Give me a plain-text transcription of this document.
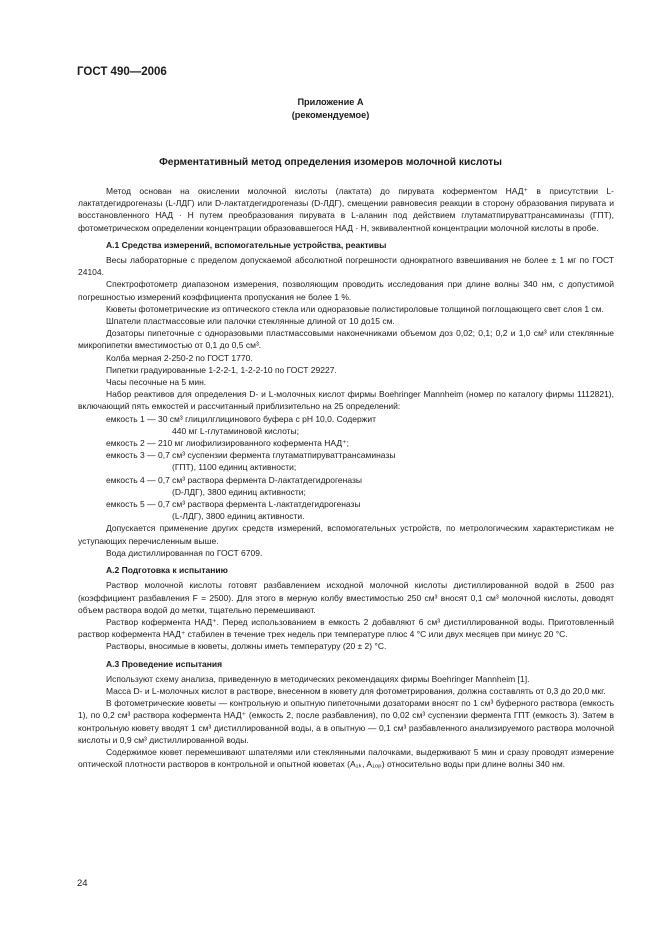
ГОСТ 490—2006
Приложение А
(рекомендуемое)
Ферментативный метод определения изомеров молочной кислоты

Метод основан на окислении молочной кислоты (лактата) до пирувата коферментом НАД⁺ в присутствии L-лактатдегидрогеназы (L-ЛДГ) или D-лактатдегидрогеназы (D-ЛДГ), смещении равновесия реакции в сторону образования пирувата и восстановленного НАД · Н путем преобразования пирувата в L-аланин под действием глутаматпируваттрансаминазы (ГПТ), фотометрическом определении концентрации образовавшегося НАД · Н, эквивалентной концентрации молочной кислоты в пробе.

А.1 Средства измерений, вспомогательные устройства, реактивы

Весы лабораторные с пределом допускаемой абсолютной погрешности однократного взвешивания не более ± 1 мг по ГОСТ 24104.

Спектрофотометр диапазоном измерения, позволяющим проводить исследования при длине волны 340 нм, с допустимой погрешностью измерений коэффициента пропускания не более 1 %.

Кюветы фотометрические из оптического стекла или одноразовые полистироловые толщиной поглощающего свет слоя 1 см.

Шпатели пластмассовые или палочки стеклянные длиной от 10 до15 см.

Дозаторы пипеточные с одноразовыми пластмассовыми наконечниками объемом доз 0,02; 0,1; 0,2 и 1,0 см³ или стеклянные микропипетки вместимостью от 0,1 до 0,5 см³.

Колба мерная 2-250-2 по ГОСТ 1770.

Пипетки градуированные 1-2-2-1, 1-2-2-10 по ГОСТ 29227.

Часы песочные на 5 мин.

Набор реактивов для определения D- и L-молочных кислот фирмы Boehringer Mannheim (номер по каталогу фирмы 1112821), включающий пять емкостей и рассчитанный приблизительно на 25 определений:

емкость 1 — 30 см³ глицилглицинового буфера с рН 10,0. Содержит

440 мг L-глутаминовой кислоты;

емкость 2 — 210 мг лиофилизированного кофермента НАД⁺;

емкость 3 — 0,7 см³ суспензии фермента глутаматпируваттрансаминазы

(ГПТ), 1100 единиц активности;

емкость 4 — 0,7 см³ раствора фермента D-лактатдегидрогеназы

(D-ЛДГ), 3800 единиц активности;

емкость 5 — 0,7 см³ раствора фермента L-лактатдегидрогеназы

(L-ЛДГ), 3800 единиц активности.

Допускается применение других средств измерений, вспомогательных устройств, по метрологическим характеристикам не уступающих перечисленным выше.

Вода дистиллированная по ГОСТ 6709.

А.2 Подготовка к испытанию

Раствор молочной кислоты готовят разбавлением исходной молочной кислоты дистиллированной водой в 2500 раз (коэффициент разбавления F = 2500). Для этого в мерную колбу вместимостью 250 см³ вносят 0,1 см³ молочной кислоты, доводят объем раствора водой до метки, тщательно перемешивают.

Раствор кофермента НАД⁺. Перед использованием в емкость 2 добавляют 6 см³ дистиллированной воды. Приготовленный раствор кофермента НАД⁺ стабилен в течение трех недель при температуре плюс 4 °С или двух месяцев при минус 20 °С.

Растворы, вносимые в кюветы, должны иметь температуру (20 ± 2) °С.

А.3 Проведение испытания

Используют схему анализа, приведенную в методических рекомендациях фирмы Boehringer Mannheim [1].

Масса D- и L-молочных кислот в растворе, внесенном в кювету для фотометрирования, должна составлять от 0,3 до 20,0 мкг.

В фотометрические кюветы — контрольную и опытную пипеточными дозаторами вносят по 1 см³ буферного раствора (емкость 1), по 0,2 см³ раствора кофермента НАД⁺ (емкость 2, после разбавления), по 0,02 см³ суспензии фермента ГПТ (емкость 3). Затем в контрольную кювету вводят 1 см³ дистиллированной воды, а в опытную — 0,1 см³ разбавленного анализируемого раствора молочной кислоты и 0,9 см³ дистиллированной воды.

Содержимое кювет перемешивают шпателями или стеклянными палочками, выдерживают 5 мин и сразу проводят измерение оптической плотности растворов в контрольной и опытной кюветах (A₁ₖ, A₁ₒₚ) относительно воды при длине волны 340 нм.

24
